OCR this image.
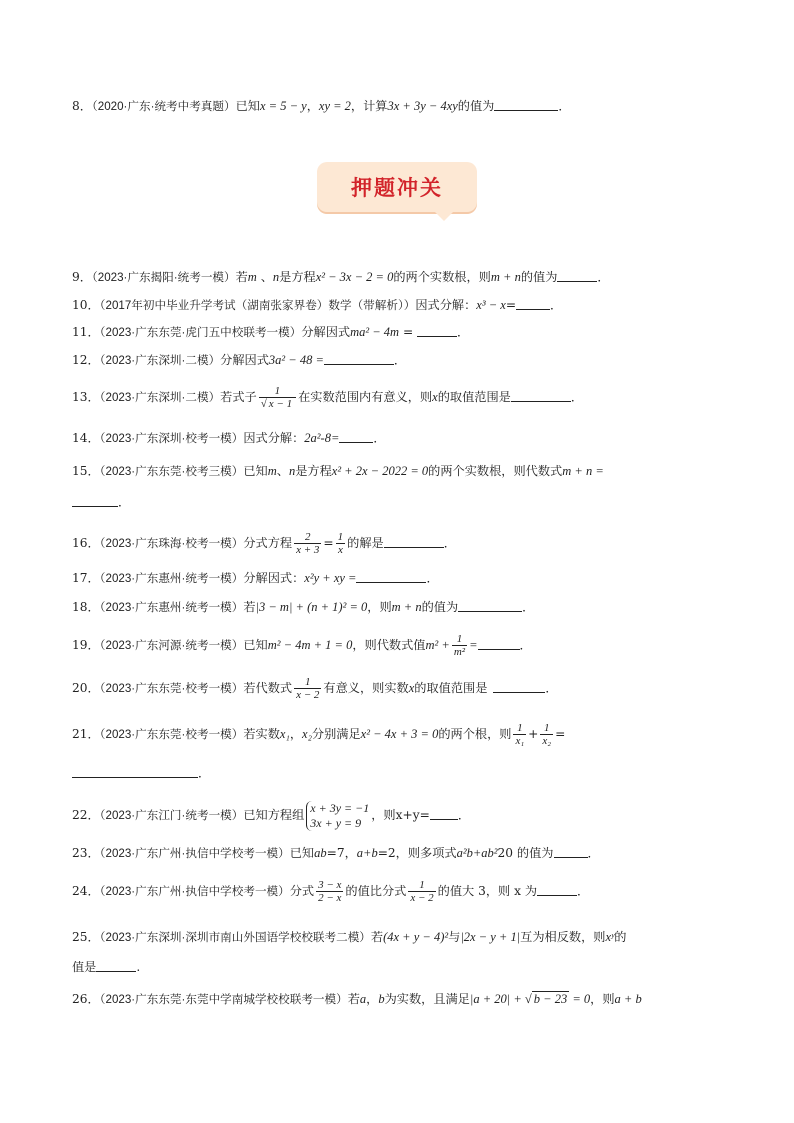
8．（2020·广东·统考中考真题）已知x = 5 − y，xy = 2，计算3x + 3y − 4xy的值为	．
押题冲关
9．（2023·广东揭阳·统考一模）若m 、n是方程x² − 3x − 2 = 0的两个实数根，则m + n的值为	．
10．（2017年初中毕业升学考试（湖南张家界卷）数学（带解析））因式分解：x³ − x=	．
11．（2023·广东东莞·虎门五中校联考一模）分解因式ma² − 4m =	．
12．（2023·广东深圳·二模）分解因式3a² − 48 =	．
13．（2023·广东深圳·二模）若式子 $\frac{1}{√ x - 1}$ 在实数范围内有意义，则x的取值范围是	．
14．（2023·广东深圳·校考一模）因式分解：2a²-8=	．
15．（2023·广东东莞·校考三模）已知m、n是方程x² + 2x − 2022 = 0的两个实数根，则代数式m + n =
．
16．（2023·广东珠海·校考一模）分式方程 $\frac{2}{x + 3} = \frac{1}{x}$ 的解是	．
17．（2023·广东惠州·统考一模）分解因式：x²y + xy =	．
18．（2023·广东惠州·统考一模）若|3 − m| + (n + 1)² = 0，则m + n的值为	．
19．（2023·广东河源·统考一模）已知m² − 4m + 1 = 0，则代数式值$m^2 + \frac{1}{\text{m²}}$ =	．
20．（2023·广东东莞·校考一模）若代数式 $\frac{1}{x - 2}$ 有意义，则实数x的取值范围是	．
21．（2023·广东东莞·校考一模）若实数x₁，x₂分别满足x² − 4x + 3 = 0的两个根，则 $\frac{1}{\text{x₁}} + \frac{1}{\text{x₂}}$ =
．
22．（2023·广东江门·统考一模）已知方程组
x + 3y = −1
3x + y = 9
，则x+y= ．
23．（2023·广东广州·执信中学校考一模）已知ab=7，a+b=2，则多项式a²b+ab²20 的值为	．
24．（2023·广东广州·执信中学校考一模）分式 $\frac{3 - x}{2 - x}$ 的值比分式 $\frac{1}{x - 2}$ 的值大 3，则 x 为	．
25．（2023·广东深圳·深圳市南山外国语学校校联考二模）若(4x + y − 4)²与|2x − y + 1|互为相反数，则xʸ的
值是	.
26．（2023·广东东莞·东莞中学南城学校校联考一模）若a，b为实数，且满足|a + 20| + √ b − 23 = 0，则a + b
